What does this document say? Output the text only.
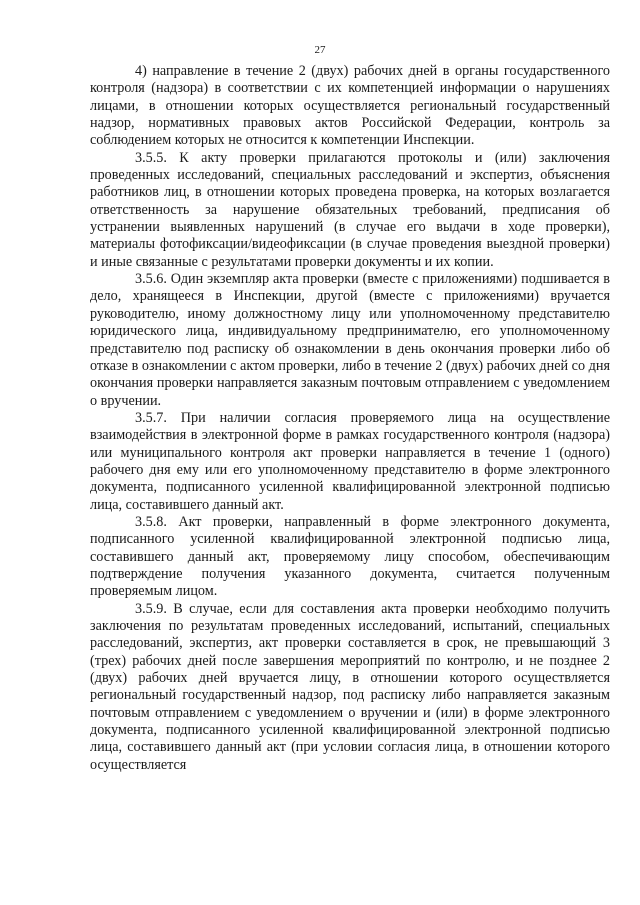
27

4) направление в течение 2 (двух) рабочих дней в органы государственного контроля (надзора) в соответствии с их компетенцией информации о нарушениях лицами, в отношении которых осуществляется региональный государственный надзор, нормативных правовых актов Российской Федерации, контроль за соблюдением которых не относится к компетенции Инспекции.

3.5.5. К акту проверки прилагаются протоколы и (или) заключения проведенных исследований, специальных расследований и экспертиз, объяснения работников лиц, в отношении которых проведена проверка, на которых возлагается ответственность за нарушение обязательных требований, предписания об устранении выявленных нарушений (в случае его выдачи в ходе проверки), материалы фотофиксации/видеофиксации (в случае проведения выездной проверки) и иные связанные с результатами проверки документы и их копии.

3.5.6. Один экземпляр акта проверки (вместе с приложениями) подшивается в дело, хранящееся в Инспекции, другой (вместе с приложениями) вручается руководителю, иному должностному лицу или уполномоченному представителю юридического лица, индивидуальному предпринимателю, его уполномоченному представителю под расписку об ознакомлении в день окончания проверки либо об отказе в ознакомлении с актом проверки, либо в течение 2 (двух) рабочих дней со дня окончания проверки направляется заказным почтовым отправлением с уведомлением о вручении.

3.5.7. При наличии согласия проверяемого лица на осуществление взаимодействия в электронной форме в рамках государственного контроля (надзора) или муниципального контроля акт проверки направляется в течение 1 (одного) рабочего дня ему или его уполномоченному представителю в форме электронного документа, подписанного усиленной квалифицированной электронной подписью лица, составившего данный акт.

3.5.8. Акт проверки, направленный в форме электронного документа, подписанного усиленной квалифицированной электронной подписью лица, составившего данный акт, проверяемому лицу способом, обеспечивающим подтверждение получения указанного документа, считается полученным проверяемым лицом.

3.5.9. В случае, если для составления акта проверки необходимо получить заключения по результатам проведенных исследований, испытаний, специальных расследований, экспертиз, акт проверки составляется в срок, не превышающий 3 (трех) рабочих дней после завершения мероприятий по контролю, и не позднее 2 (двух) рабочих дней вручается лицу, в отношении которого осуществляется региональный государственный надзор, под расписку либо направляется заказным почтовым отправлением с уведомлением о вручении и (или) в форме электронного документа, подписанного усиленной квалифицированной электронной подписью лица, составившего данный акт (при условии согласия лица, в отношении которого осуществляется
